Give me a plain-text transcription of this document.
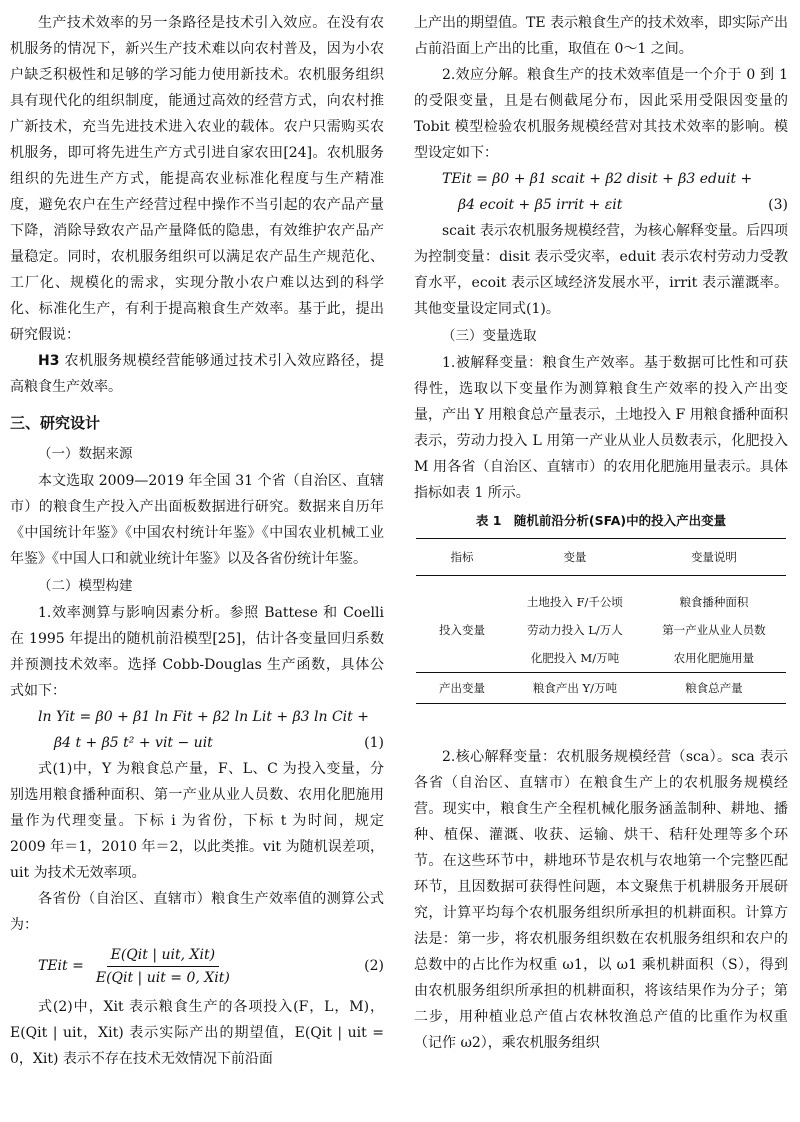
生产技术效率的另一条路径是技术引入效应。在没有农机服务的情况下，新兴生产技术难以向农村普及，因为小农户缺乏积极性和足够的学习能力使用新技术。农机服务组织具有现代化的组织制度，能通过高效的经营方式，向农村推广新技术，充当先进技术进入农业的载体。农户只需购买农机服务，即可将先进生产方式引进自家农田[24]。农机服务组织的先进生产方式，能提高农业标准化程度与生产精准度，避免农户在生产经营过程中操作不当引起的农产品产量下降，消除导致农产品产量降低的隐患，有效维护农产品产量稳定。同时，农机服务组织可以满足农产品生产规范化、工厂化、规模化的需求，实现分散小农户难以达到的科学化、标准化生产，有利于提高粮食生产效率。基于此，提出研究假说：

H3 农机服务规模经营能够通过技术引入效应路径，提高粮食生产效率。

三、研究设计
（一）数据来源

本文选取 2009—2019 年全国 31 个省（自治区、直辖市）的粮食生产投入产出面板数据进行研究。数据来自历年《中国统计年鉴》《中国农村统计年鉴》《中国农业机械工业年鉴》《中国人口和就业统计年鉴》以及各省份统计年鉴。

（二）模型构建

1.效率测算与影响因素分析。参照 Battese 和 Coelli 在 1995 年提出的随机前沿模型[25]，估计各变量回归系数并预测技术效率。选择 Cobb-Douglas 生产函数，具体公式如下：

ln Yit = β0 + β1 ln Fit + β2 ln Lit + β3 ln Cit +
β4 t + β5 t² + vit − uit	(1)

式(1)中，Y 为粮食总产量，F、L、C 为投入变量，分别选用粮食播种面积、第一产业从业人员数、农用化肥施用量作为代理变量。下标 i 为省份，下标 t 为时间，规定 2009 年＝1，2010 年＝2，以此类推。vit 为随机误差项，uit 为技术无效率项。

各省份（自治区、直辖市）粮食生产效率值的测算公式为：

TEit =
E(Qit | uit, Xit)
E(Qit | uit = 0, Xit)
(2)

式(2)中，Xit 表示粮食生产的各项投入(F，L，M)，E(Qit | uit，Xit) 表示实际产出的期望值，E(Qit | uit = 0，Xit) 表示不存在技术无效情况下前沿面

上产出的期望值。TE 表示粮食生产的技术效率，即实际产出占前沿面上产出的比重，取值在 0～1 之间。

2.效应分解。粮食生产的技术效率值是一个介于 0 到 1 的受限变量，且是右侧截尾分布，因此采用受限因变量的 Tobit 模型检验农机服务规模经营对其技术效率的影响。模型设定如下：

TEit = β0 + β1 scait + β2 disit + β3 eduit +
β4 ecoit + β5 irrit + εit	(3)

scait 表示农机服务规模经营，为核心解释变量。后四项为控制变量：disit 表示受灾率，eduit 表示农村劳动力受教育水平，ecoit 表示区域经济发展水平，irrit 表示灌溉率。其他变量设定同式(1)。

（三）变量选取

1.被解释变量：粮食生产效率。基于数据可比性和可获得性，选取以下变量作为测算粮食生产效率的投入产出变量，产出 Y 用粮食总产量表示，土地投入 F 用粮食播种面积表示，劳动力投入 L 用第一产业从业人员数表示，化肥投入 M 用各省（自治区、直辖市）的农用化肥施用量表示。具体指标如表 1 所示。

表 1　随机前沿分析(SFA)中的投入产出变量
指标	变量	变量说明

投入变量	土地投入 F/千公顷	粮食播种面积
	劳动力投入 L/万人	第一产业从业人员数
	化肥投入 M/万吨	农用化肥施用量
产出变量	粮食产出 Y/万吨	粮食总产量

2.核心解释变量：农机服务规模经营（sca）。sca 表示各省（自治区、直辖市）在粮食生产上的农机服务规模经营。现实中，粮食生产全程机械化服务涵盖制种、耕地、播种、植保、灌溉、收获、运输、烘干、秸秆处理等多个环节。在这些环节中，耕地环节是农机与农地第一个完整匹配环节，且因数据可获得性问题，本文聚焦于机耕服务开展研究，计算平均每个农机服务组织所承担的机耕面积。计算方法是：第一步，将农机服务组织数在农机服务组织和农户的总数中的占比作为权重 ω1，以 ω1 乘机耕面积（S），得到由农机服务组织所承担的机耕面积，将该结果作为分子；第二步，用种植业总产值占农林牧渔总产值的比重作为权重（记作 ω2），乘农机服务组织
